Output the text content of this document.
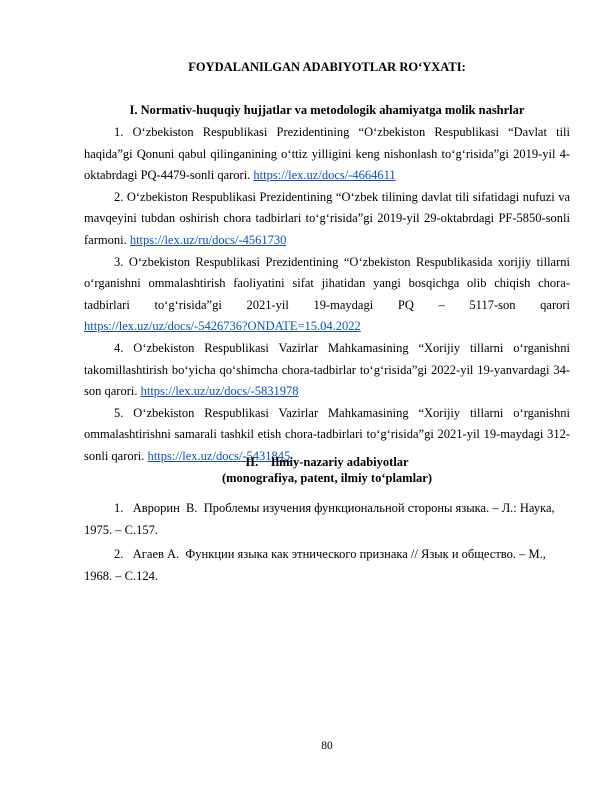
FOYDALANILGAN ADABIYOTLAR RO‘YXATI:
I. Normativ-huquqiy hujjatlar va metodologik ahamiyatga molik nashrlar

1. O‘zbekiston Respublikasi Prezidentining “O‘zbekiston Respublikasi “Davlat tili haqida”gi Qonuni qabul qilinganining o‘ttiz yilligini keng nishonlash to‘g‘risida”gi 2019-yil 4-oktabrdagi PQ-4479-sonli qarori. https://lex.uz/docs/-4664611

2. O‘zbekiston Respublikasi Prezidentining “O‘zbek tilining davlat tili sifatidagi nufuzi va mavqeyini tubdan oshirish chora tadbirlari to‘g‘risida”gi 2019-yil 29-oktabrdagi PF-5850-sonli farmoni. https://lex.uz/ru/docs/-4561730

3. O‘zbekiston Respublikasi Prezidentining “O‘zbekiston Respublikasida xorijiy tillarni o‘rganishni ommalashtirish faoliyatini sifat jihatidan yangi bosqichga olib chiqish chora-tadbirlari to‘g‘risida”gi 2021-yil 19-maydagi PQ – 5117-son qarori https://lex.uz/uz/docs/-5426736?ONDATE=15.04.2022

4. O‘zbekiston Respublikasi Vazirlar Mahkamasining “Xorijiy tillarni o‘rganishni takomillashtirish bo‘yicha qo‘shimcha chora-tadbirlar to‘g‘risida”gi 2022-yil 19-yanvardagi 34-son qarori. https://lex.uz/uz/docs/-5831978

5. O‘zbekiston Respublikasi Vazirlar Mahkamasining “Xorijiy tillarni o‘rganishni ommalashtirishni samarali tashkil etish chora-tadbirlari to‘g‘risida”gi 2021-yil 19-maydagi 312-sonli qarori. https://lex.uz/docs/-5431845

II.    Ilmiy-nazariy adabiyotlar
(monografiya, patent, ilmiy to‘plamlar)

1.   Аврорин  В.  Проблемы изучения функциональной стороны языка. – Л.: Наука, 1975. – С.157.

2.   Агаев А.  Функции языка как этнического признака // Язык и общество. – М., 1968. – С.124.

80
